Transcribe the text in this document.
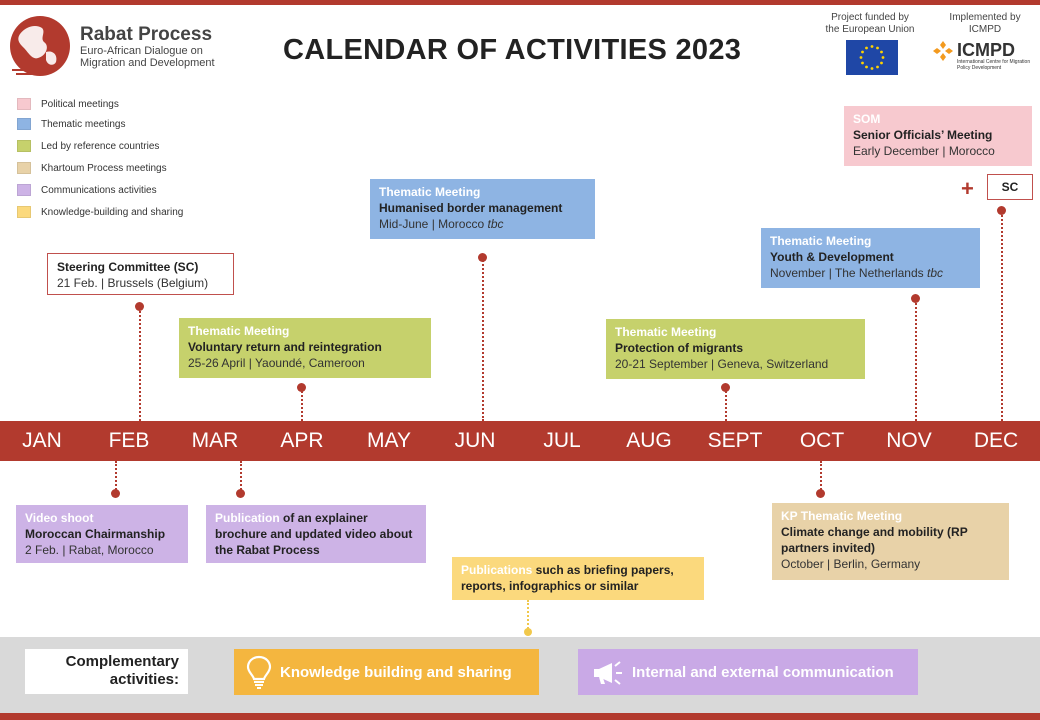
Rabat Process
Euro-African Dialogue on
Migration and Development CALENDAR OF ACTIVITIES 2023
Project funded by
the European Union
Implemented by
ICMPD
ICMPD
International Centre for Migration Policy Development
Political meetings
Thematic meetings
Led by reference countries
Khartoum Process meetings
Communications activities
Knowledge-building and sharing
Steering Committee (SC)
21 Feb. | Brussels (Belgium)
Thematic Meeting
Voluntary return and reintegration
25-26 April | Yaoundé, Cameroon
Thematic Meeting
Humanised border management
Mid-June | Morocco tbc
Thematic Meeting
Protection of migrants
20-21 September | Geneva, Switzerland
Thematic Meeting
Youth & Development
November | The Netherlands tbc
SOM
Senior Officials’ Meeting
Early December | Morocco
+	SC
JAN	FEB	MAR	APR	MAY	JUN	JUL	AUG	SEPT	OCT	NOV	DEC
Video shoot
Moroccan Chairmanship
2 Feb. | Rabat, Morocco
Publication of an explainer brochure and updated video about the Rabat Process
Publications such as briefing papers, reports, infographics or similar
KP Thematic Meeting
Climate change and mobility (RP partners invited)
October | Berlin, Germany
Complementary
activities:	Knowledge building and sharing	Internal and external communication
